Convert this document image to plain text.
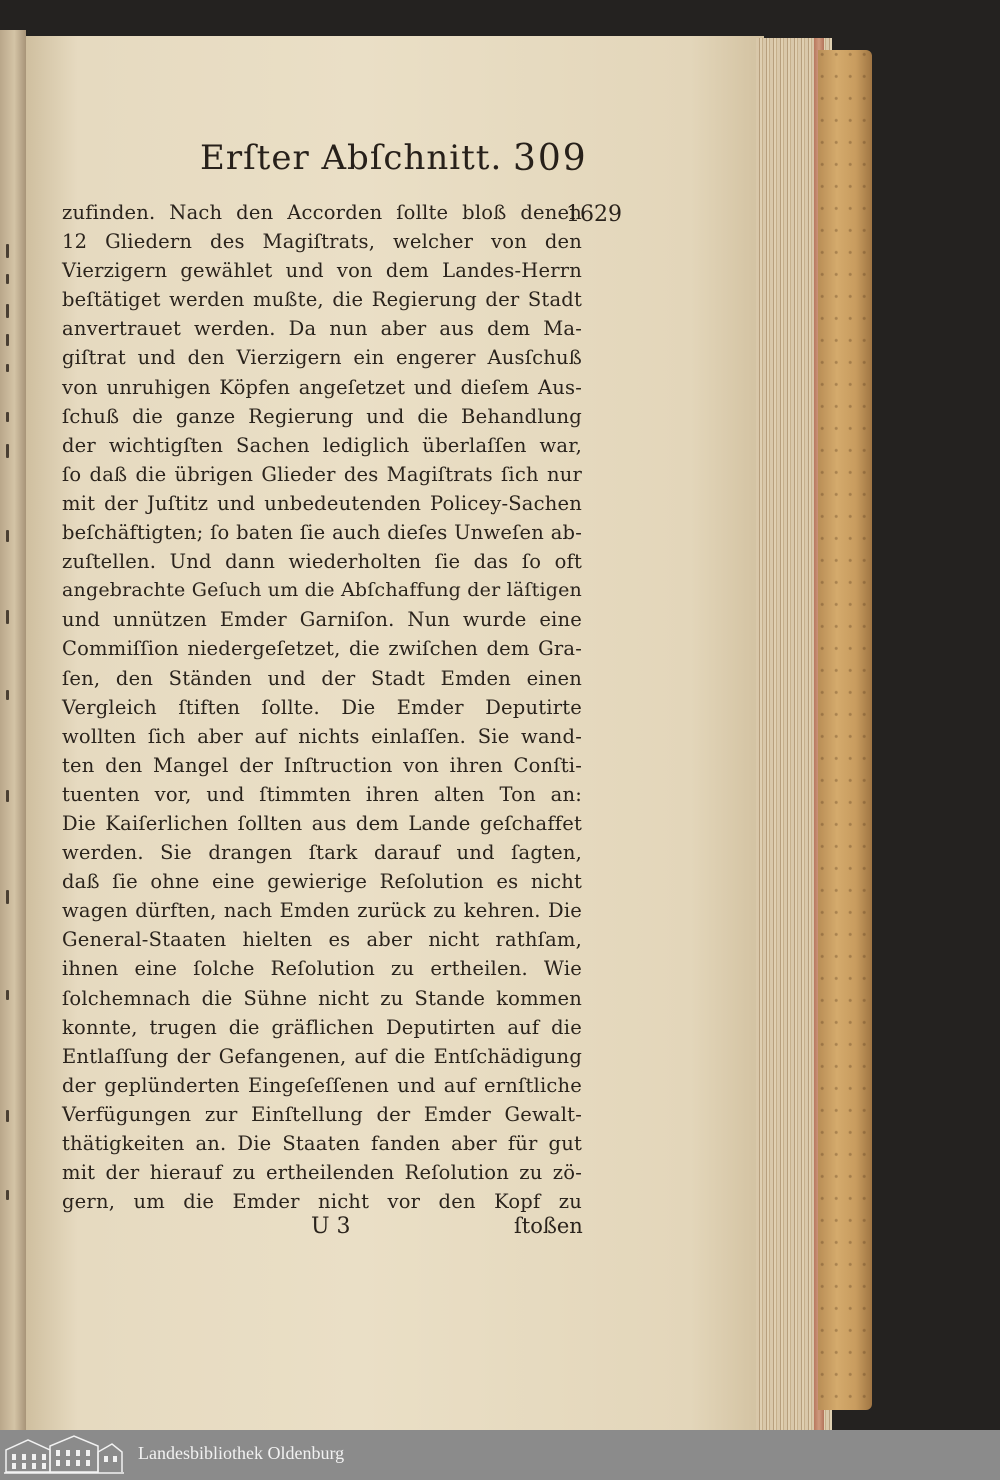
Erſter Abſchnitt. 309
1629
zufinden. Nach den Accorden ſollte bloß denen
12 Gliedern des Magiſtrats, welcher von den
Vierzigern gewählet und von dem Landes-Herrn
beſtätiget werden mußte, die Regierung der Stadt
anvertrauet werden. Da nun aber aus dem Ma-
giſtrat und den Vierzigern ein engerer Ausſchuß
von unruhigen Köpfen angeſetzet und dieſem Aus-
ſchuß die ganze Regierung und die Behandlung
der wichtigſten Sachen lediglich überlaſſen war,
ſo daß die übrigen Glieder des Magiſtrats ſich nur
mit der Juſtitz und unbedeutenden Policey-Sachen
beſchäftigten; ſo baten ſie auch dieſes Unweſen ab-
zuſtellen. Und dann wiederholten ſie das ſo oft
angebrachte Geſuch um die Abſchaffung der läſtigen
und unnützen Emder Garniſon. Nun wurde eine
Commiſſion niedergeſetzet, die zwiſchen dem Gra-
ſen, den Ständen und der Stadt Emden einen
Vergleich ſtiften ſollte. Die Emder Deputirte
wollten ſich aber auf nichts einlaſſen. Sie wand-
ten den Mangel der Inſtruction von ihren Conſti-
tuenten vor, und ſtimmten ihren alten Ton an:
Die Kaiſerlichen ſollten aus dem Lande geſchaffet
werden. Sie drangen ſtark darauf und ſagten,
daß ſie ohne eine gewierige Reſolution es nicht
wagen dürften, nach Emden zurück zu kehren. Die
General-Staaten hielten es aber nicht rathſam,
ihnen eine ſolche Reſolution zu ertheilen. Wie
ſolchemnach die Sühne nicht zu Stande kommen
konnte, trugen die gräflichen Deputirten auf die
Entlaſſung der Gefangenen, auf die Entſchädigung
der geplünderten Eingeſeſſenen und auf ernſtliche
Verfügungen zur Einſtellung der Emder Gewalt-
thätigkeiten an. Die Staaten fanden aber für gut
mit der hierauf zu ertheilenden Reſolution zu zö-
gern, um die Emder nicht vor den Kopf zu
U 3	ſtoßen
Landesbibliothek Oldenburg
